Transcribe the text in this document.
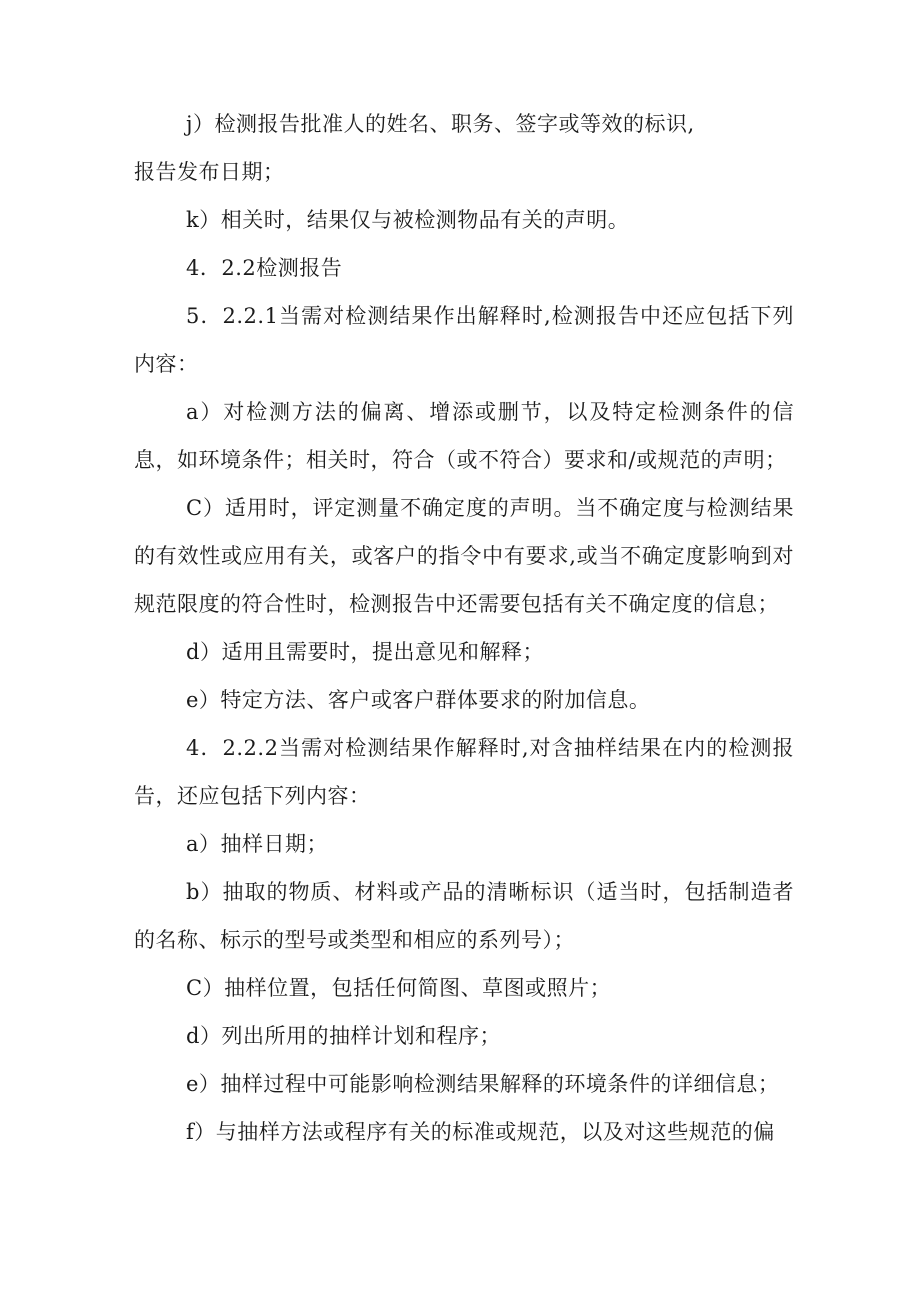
j）检测报告批准人的姓名、职务、签字或等效的标识,

报告发布日期；

k）相关时，结果仅与被检测物品有关的声明。

4．2.2检测报告

5．2.2.1当需对检测结果作出解释时,检测报告中还应包括下列内容：

a）对检测方法的偏离、增添或删节，以及特定检测条件的信息，如环境条件；相关时，符合（或不符合）要求和/或规范的声明；

C）适用时，评定测量不确定度的声明。当不确定度与检测结果的有效性或应用有关，或客户的指令中有要求,或当不确定度影响到对规范限度的符合性时，检测报告中还需要包括有关不确定度的信息；

d）适用且需要时，提出意见和解释；

e）特定方法、客户或客户群体要求的附加信息。

4．2.2.2当需对检测结果作解释时,对含抽样结果在内的检测报告，还应包括下列内容：

a）抽样日期；

b）抽取的物质、材料或产品的清晰标识（适当时，包括制造者的名称、标示的型号或类型和相应的系列号）；

C）抽样位置，包括任何简图、草图或照片；

d）列出所用的抽样计划和程序；

e）抽样过程中可能影响检测结果解释的环境条件的详细信息；

f）与抽样方法或程序有关的标准或规范，以及对这些规范的偏
